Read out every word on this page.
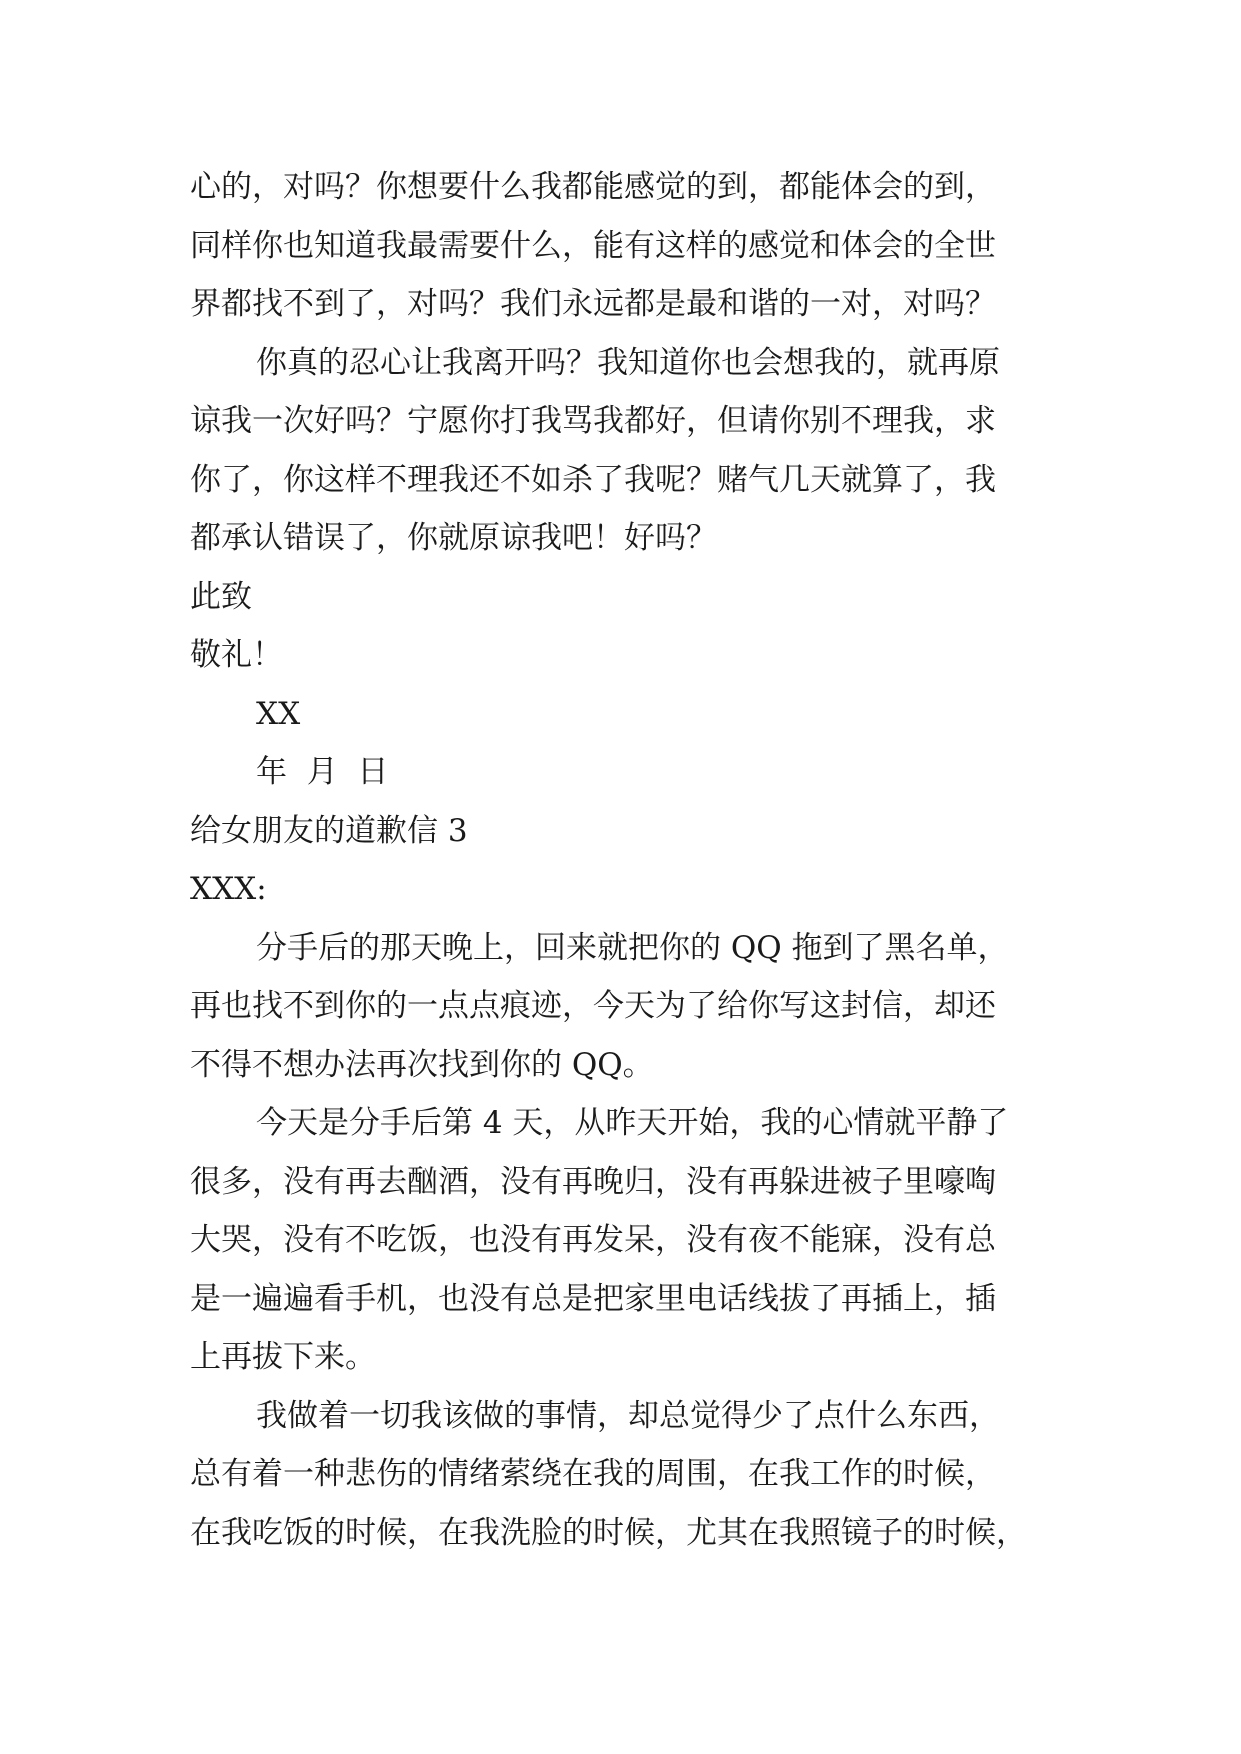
心的，对吗？你想要什么我都能感觉的到，都能体会的到，
同样你也知道我最需要什么，能有这样的感觉和体会的全世
界都找不到了，对吗？我们永远都是最和谐的一对，对吗？
你真的忍心让我离开吗？我知道你也会想我的，就再原
谅我一次好吗？宁愿你打我骂我都好，但请你别不理我，求
你了，你这样不理我还不如杀了我呢？赌气几天就算了，我
都承认错误了，你就原谅我吧！好吗？
此致
敬礼！
XX
年  月  日
给女朋友的道歉信 3
XXX:
分手后的那天晚上，回来就把你的 QQ 拖到了黑名单，
再也找不到你的一点点痕迹，今天为了给你写这封信，却还
不得不想办法再次找到你的 QQ。
今天是分手后第 4 天，从昨天开始，我的心情就平静了
很多，没有再去酗酒，没有再晚归，没有再躲进被子里嚎啕
大哭，没有不吃饭，也没有再发呆，没有夜不能寐，没有总
是一遍遍看手机，也没有总是把家里电话线拔了再插上，插
上再拔下来。
我做着一切我该做的事情，却总觉得少了点什么东西，
总有着一种悲伤的情绪萦绕在我的周围，在我工作的时候，
在我吃饭的时候，在我洗脸的时候，尤其在我照镜子的时候，
